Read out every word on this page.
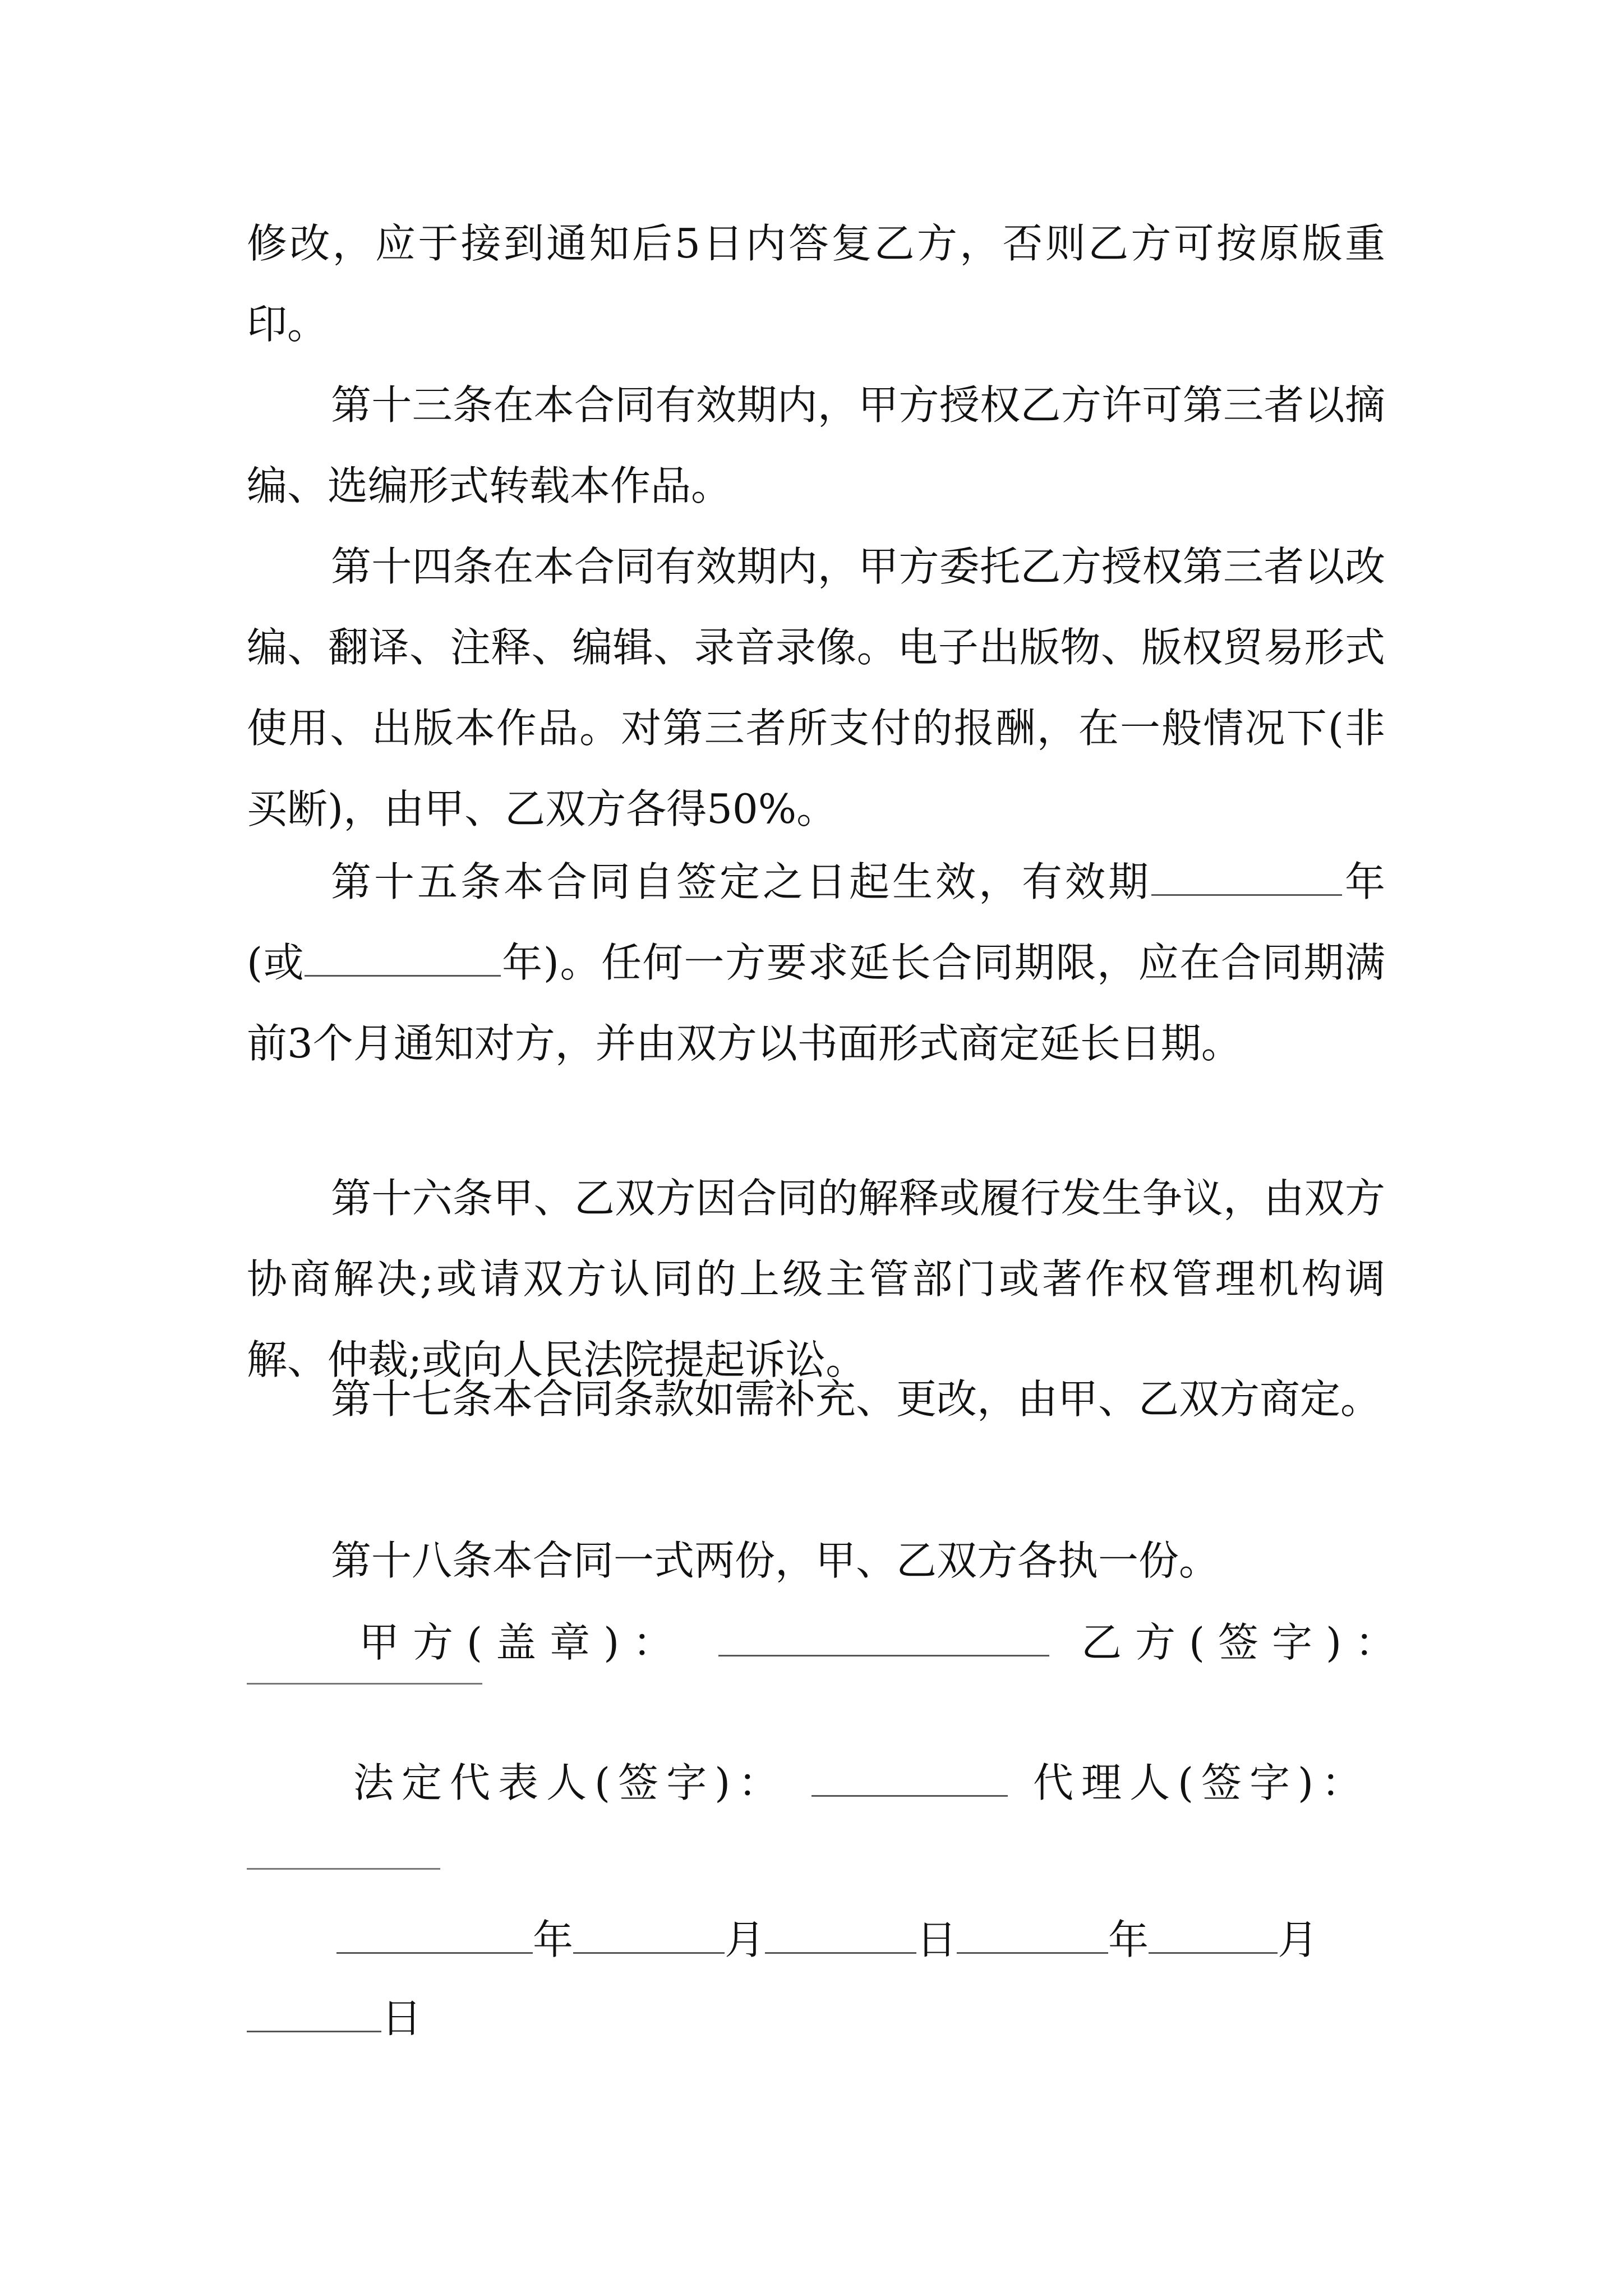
修改，应于接到通知后5日内答复乙方，否则乙方可按原版重印。
第十三条在本合同有效期内，甲方授权乙方许可第三者以摘编、选编形式转载本作品。
第十四条在本合同有效期内，甲方委托乙方授权第三者以改编、翻译、注释、编辑、录音录像。电子出版物、版权贸易形式使用、出版本作品。对第三者所支付的报酬，在一般情况下(非买断)，由甲、乙双方各得50%。
第十五条本合同自签定之日起生效，有效期	年(或	年)。任何一方要求延长合同期限，应在合同期满前3个月通知对方，并由双方以书面形式商定延长日期。
第十六条甲、乙双方因合同的解释或履行发生争议，由双方协商解决;或请双方认同的上级主管部门或著作权管理机构调解、仲裁;或向人民法院提起诉讼。
第十七条本合同条款如需补充、更改，由甲、乙双方商定。
第十八条本合同一式两份，甲、乙双方各执一份。
甲方(盖章)：	乙方(签字)：
法定代表人(签字)：	代理人(签字)：
年	月	日	年	月
日
